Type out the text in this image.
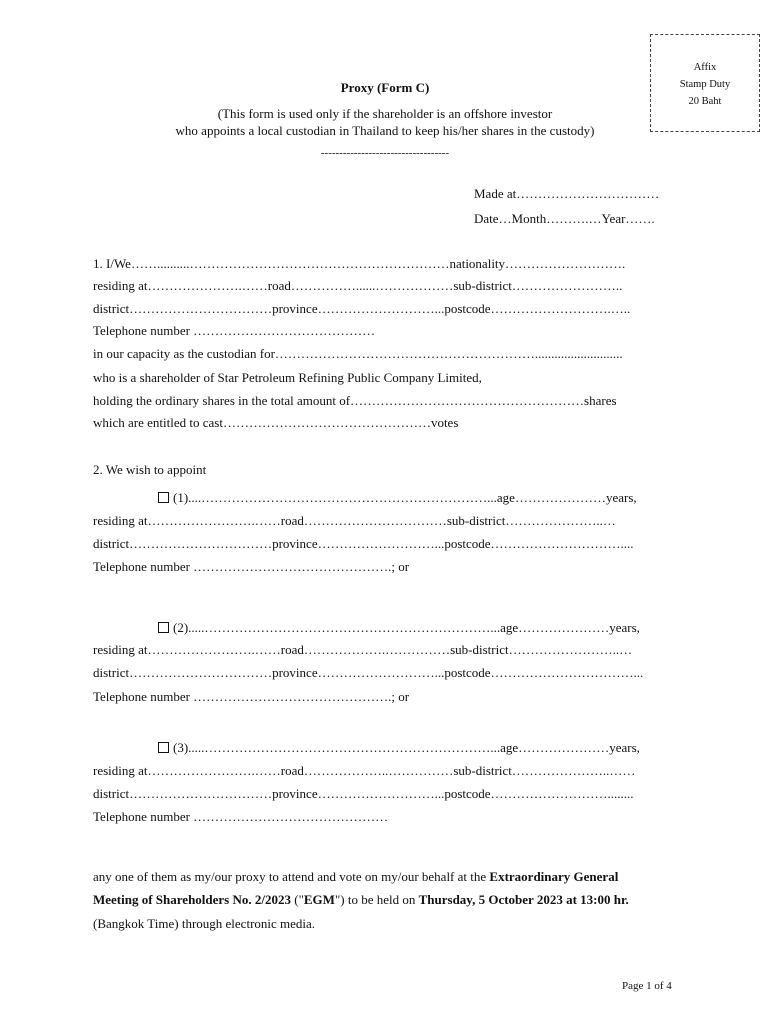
Affix
Stamp Duty
20 Baht
Proxy (Form C)
(This form is used only if the shareholder is an offshore investor
who appoints a local custodian in Thailand to keep his/her shares in the custody)
-----------------------------------
Made at……………………………
Date…Month……….…Year…….
1. I/We……..........……………………………………………………nationality……………………….
residing at………………….……road……………......………………sub-district……………………..
district……………………………province………………………...postcode……………………….…..
Telephone number ……………………………………
in our capacity as the custodian for……………………………………………………...........................
who is a shareholder of Star Petroleum Refining Public Company Limited,
holding the ordinary shares in the total amount of………………………………………………shares
which are entitled to cast…………………………………………votes
2. We wish to appoint
(1)....…………………………………………………………...age…………………years,
residing at…………………….……road……………………………sub-district…………………..…
district……………………………province………………………...postcode…………………………....
Telephone number ……………………………………….; or
(2).....…………………………………………………………...age…………………years,
residing at…………………….……road……………….……………sub-district……………………..…
district……………………………province………………………...postcode……………………………...
Telephone number ……………………………………….; or
(3).....…………………………………………………………...age…………………years,
residing at…………………….……road………………..……………sub-district…………………..……
district……………………………province………………………...postcode………………………........
Telephone number ………………………………………
any one of them as my/our proxy to attend and vote on my/our behalf at the Extraordinary General
Meeting of Shareholders No. 2/2023 ("EGM") to be held on Thursday, 5 October 2023 at 13:00 hr.
(Bangkok Time) through electronic media.
Page 1 of 4
